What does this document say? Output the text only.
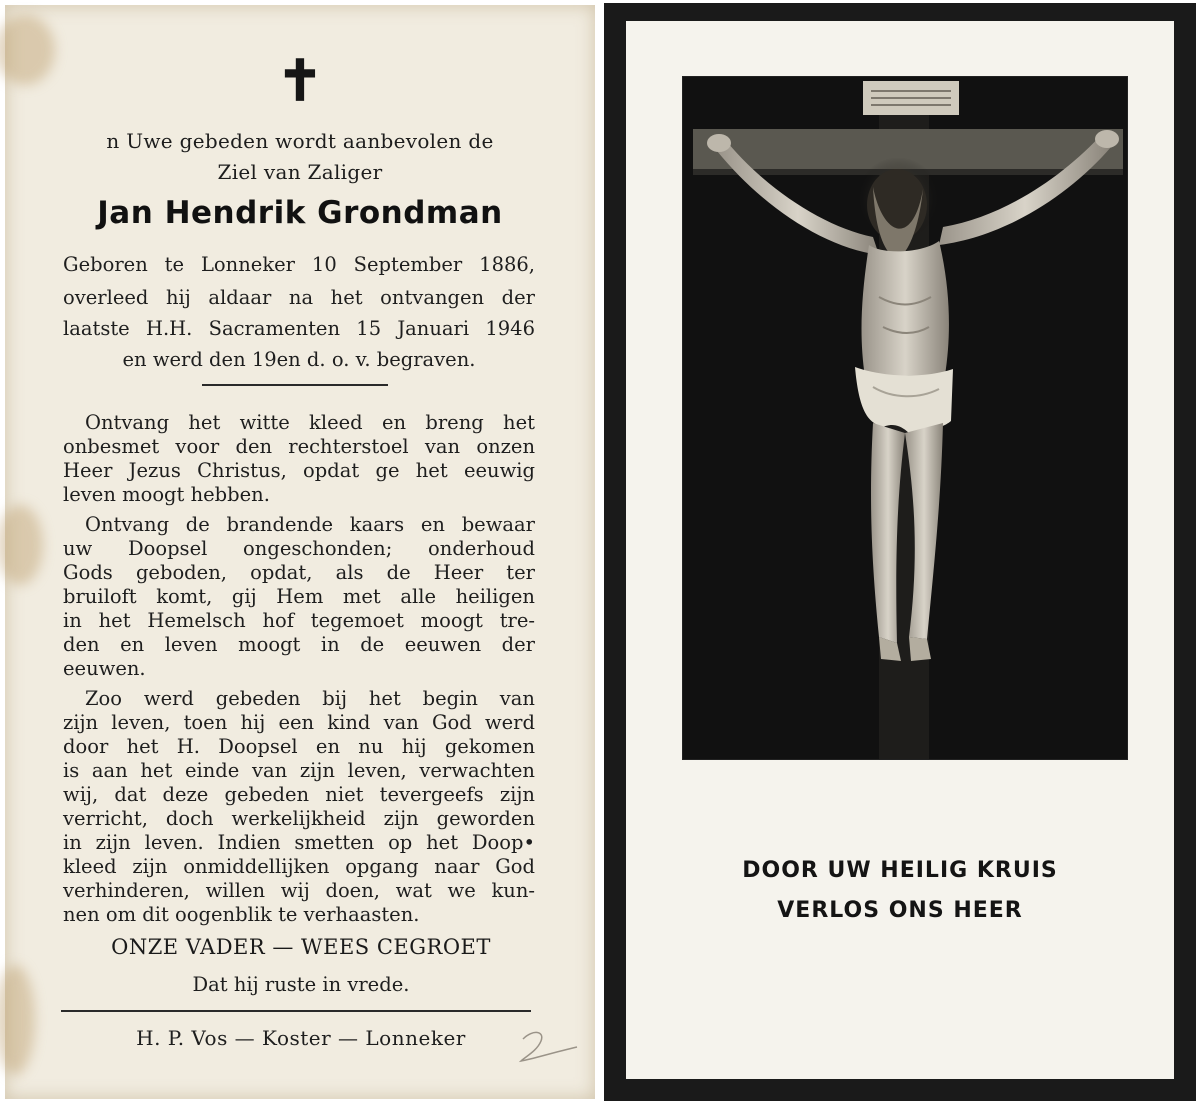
✝
n Uwe gebeden wordt aanbevolen de
Ziel van Zaliger
Jan Hendrik Grondman
Geboren te Lonneker 10 September 1886,
overleed hij aldaar na het ontvangen der
laatste H.H. Sacramenten 15 Januari 1946
en werd den 19en d. o. v. begraven.
Ontvang het witte kleed en breng het
onbesmet voor den rechterstoel van onzen
Heer Jezus Christus, opdat ge het eeuwig
leven moogt hebben.
Ontvang de brandende kaars en bewaar
uw Doopsel ongeschonden; onderhoud
Gods geboden, opdat, als de Heer ter
bruiloft komt, gij Hem met alle heiligen
in het Hemelsch hof tegemoet moogt tre-
den en leven moogt in de eeuwen der
eeuwen.
Zoo werd gebeden bij het begin van
zijn leven, toen hij een kind van God werd
door het H. Doopsel en nu hij gekomen
is aan het einde van zijn leven, verwachten
wij, dat deze gebeden niet tevergeefs zijn
verricht, doch werkelijkheid zijn geworden
in zijn leven. Indien smetten op het Doop•
kleed zijn onmiddellijken opgang naar God
verhinderen, willen wij doen, wat we kun-
nen om dit oogenblik te verhaasten.
ONZE VADER — WEES CEGROET
Dat hij ruste in vrede.
H. P. Vos — Koster — Lonneker
DOOR UW HEILIG KRUIS
VERLOS ONS HEER
